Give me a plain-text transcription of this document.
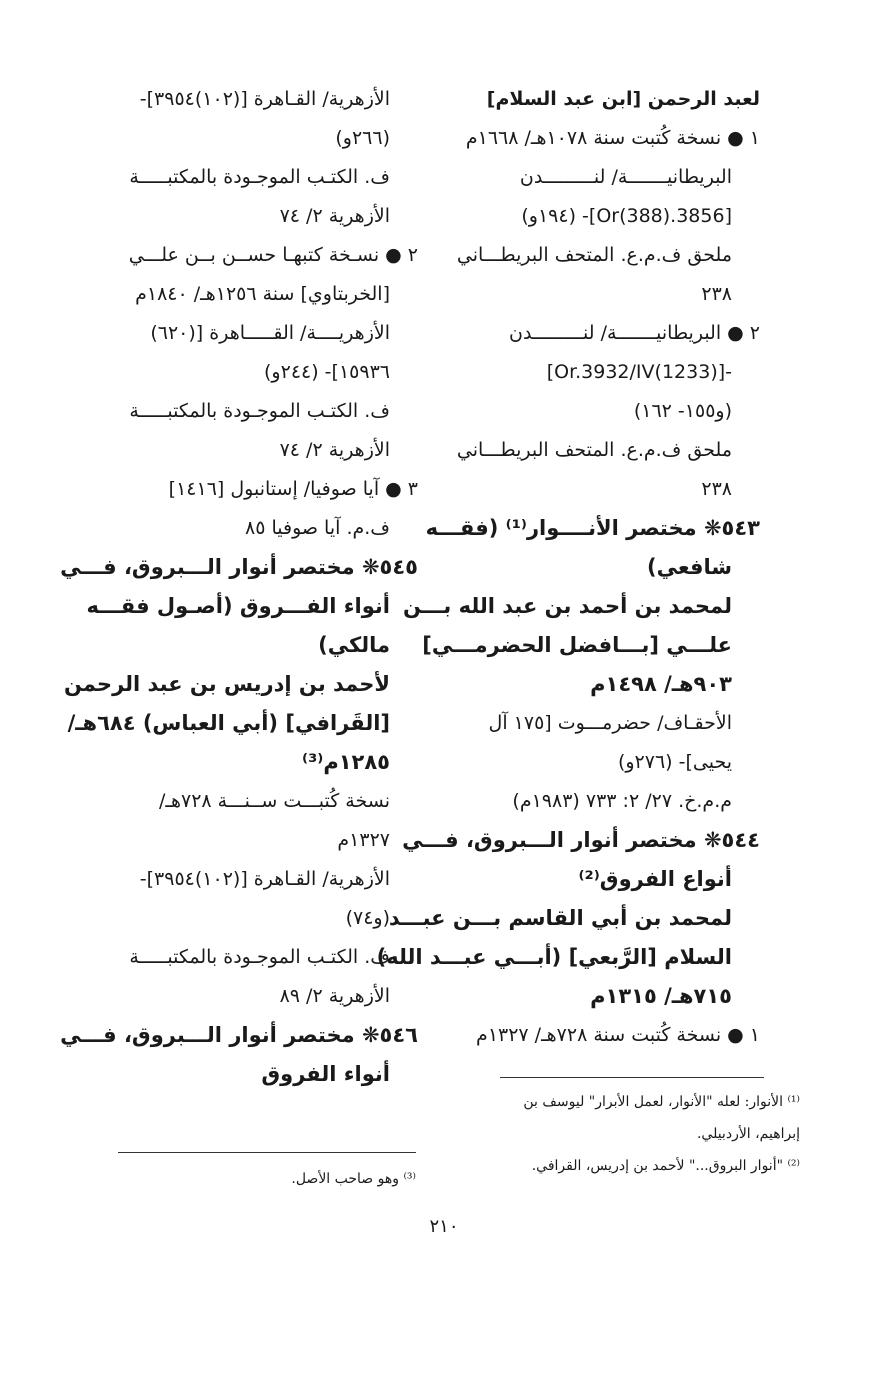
لعبد الرحمن [ابن عبد السلام]
١ ● نسخة كُتبت سنة ١٠٧٨هـ/ ١٦٦٨م
البريطانيـــــــة/ لنـــــــــدن
[3856.Or(388)]- (١٩٤و)
ملحق ف.م.ع. المتحف البريطـــاني
٢٣٨
٢ ● البريطانيـــــــة/ لنـــــــــدن
-[(1233)Or.3932/IV]
(و١٥٥- ١٦٢)
ملحق ف.م.ع. المتحف البريطـــاني
٢٣٨
٥٤٣❋ مختصر الأنــــوار⁽¹⁾ (فقـــه
شافعي)
لمحمد بن أحمد بن عبد الله بـــن
علـــي [بـــافضل الحضرمـــي]
٩٠٣هـ/ ١٤٩٨م
الأحقـاف/ حضرمـــوت [١٧٥ آل
يحيى]- (٢٧٦و)
م.م.خ. ٢٧/ ٢: ٧٣٣ (١٩٨٣م)
٥٤٤❋ مختصر أنوار الـــبروق، فـــي
أنواع الفروق⁽²⁾
لمحمد بن أبي القاسم بـــن عبـــد
السلام [الرَّبعي] (أبـــي عبـــد الله)
٧١٥هـ/ ١٣١٥م
١ ● نسخة كُتبت سنة ٧٢٨هـ/ ١٣٢٧م
الأزهرية/ القـاهرة [(١٠٢)٣٩٥٤]-
(٢٦٦و)
ف. الكتـب الموجـودة بالمكتبـــــة
الأزهرية ٢/ ٧٤
٢ ● نسـخة كتبهـا حســن بــن علـــي
[الخربتاوي] سنة ١٢٥٦هـ/ ١٨٤٠م
الأزهريــــة/ القـــــاهرة [(٦٢٠)
١٥٩٣٦]- (٢٤٤و)
ف. الكتـب الموجـودة بالمكتبـــــة
الأزهرية ٢/ ٧٤
٣ ● آيا صوفيا/ إستانبول [١٤١٦]
ف.م. آيا صوفيا ٨٥
٥٤٥❋ مختصر أنوار الـــبروق، فـــي
أنواء الفـــروق (أصـول فقـــه
مالكي)
لأحمد بن إدريس بن عبد الرحمن
[القَرافي] (أبي العباس) ٦٨٤هـ/
١٢٨٥م⁽³⁾
نسخة كُتبـــت ســنـــة ٧٢٨هـ/
١٣٢٧م
الأزهرية/ القـاهرة [(١٠٢)٣٩٥٤]-
(و٧٤)
ف. الكتـب الموجـودة بالمكتبـــــة
الأزهرية ٢/ ٨٩
٥٤٦❋ مختصر أنوار الـــبروق، فـــي
أنواء الفروق
⁽¹⁾ الأنوار: لعله "الأنوار، لعمل الأبرار" ليوسف بن
إبراهيم، الأردبيلي.
⁽²⁾ "أنوار البروق..." لأحمد بن إدريس، القرافي.
⁽³⁾ وهو صاحب الأصل.
٢١٠
